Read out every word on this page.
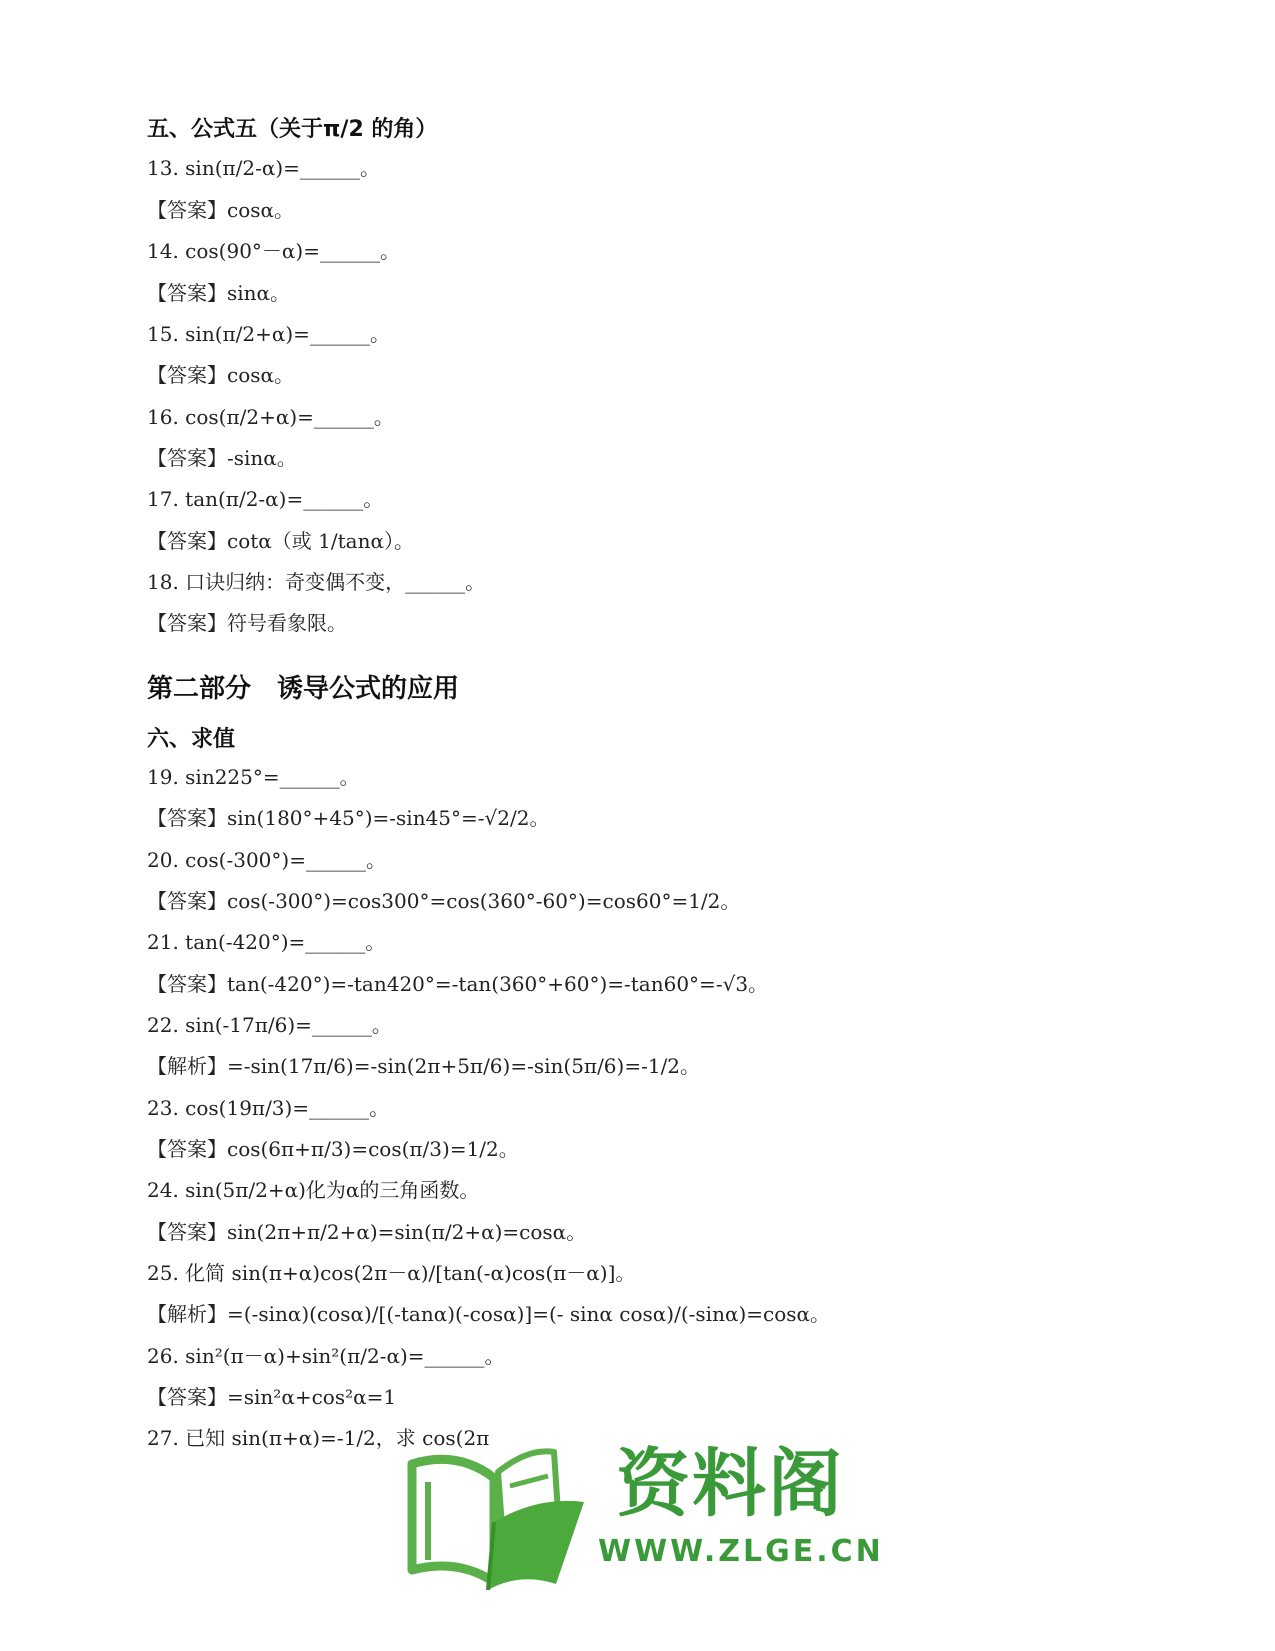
五、公式五（关于π/2 的角）
13. sin(π/2-α)=______。
【答案】cosα。
14. cos(90°－α)=______。
【答案】sinα。
15. sin(π/2+α)=______。
【答案】cosα。
16. cos(π/2+α)=______。
【答案】-sinα。
17. tan(π/2-α)=______。
【答案】cotα（或 1/tanα）。
18. 口诀归纳：奇变偶不变，______。
【答案】符号看象限。
第二部分　诱导公式的应用
六、求值
19. sin225°=______。
【答案】sin(180°+45°)=-sin45°=-√2/2。
20. cos(-300°)=______。
【答案】cos(-300°)=cos300°=cos(360°-60°)=cos60°=1/2。
21. tan(-420°)=______。
【答案】tan(-420°)=-tan420°=-tan(360°+60°)=-tan60°=-√3。
22. sin(-17π/6)=______。
【解析】=-sin(17π/6)=-sin(2π+5π/6)=-sin(5π/6)=-1/2。
23. cos(19π/3)=______。
【答案】cos(6π+π/3)=cos(π/3)=1/2。
24. sin(5π/2+α)化为α的三角函数。
【答案】sin(2π+π/2+α)=sin(π/2+α)=cosα。
25. 化简 sin(π+α)cos(2π－α)/[tan(-α)cos(π－α)]。
【解析】=(-sinα)(cosα)/[(-tanα)(-cosα)]=(- sinα cosα)/(-sinα)=cosα。
26. sin²(π－α)+sin²(π/2-α)=______。
【答案】=sin²α+cos²α=1
27. 已知 sin(π+α)=-1/2，求 cos(2π
资料阁
WWW.ZLGE.CN
